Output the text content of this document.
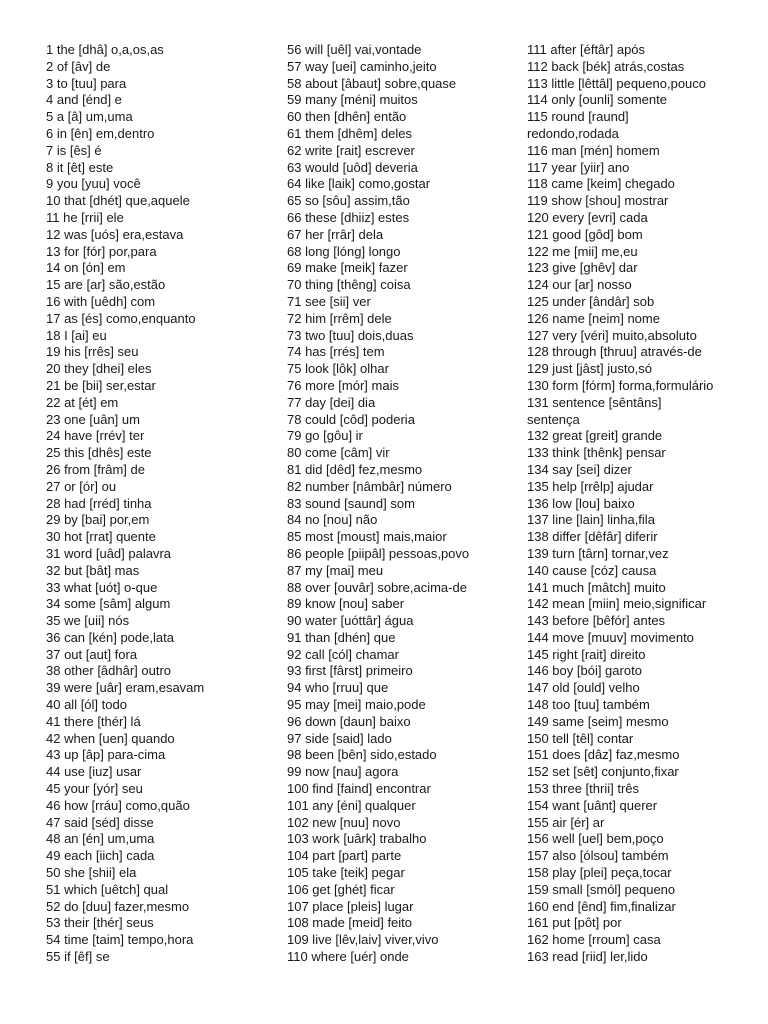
1 the [dhâ] o,a,os,as
2 of [âv] de
3 to [tuu] para
4 and [énd] e
5 a [â] um,uma
6 in [ên] em,dentro
7 is [ês] é
8 it [êt] este
9 you [yuu] você
10 that [dhét] que,aquele
11 he [rrii] ele
12 was [uós] era,estava
13 for [fór] por,para
14 on [ón] em
15 are [ar] são,estão
16 with [uêdh] com
17 as [és] como,enquanto
18 I [ai] eu
19 his [rrês] seu
20 they [dhei] eles
21 be [bii] ser,estar
22 at [ét] em
23 one [uân] um
24 have [rrév] ter
25 this [dhês] este
26 from [frâm] de
27 or [ór] ou
28 had [rréd] tinha
29 by [bai] por,em
30 hot [rrat] quente
31 word [uâd] palavra
32 but [bât] mas
33 what [uót] o-que
34 some [sâm] algum
35 we [uii] nós
36 can [kén] pode,lata
37 out [aut] fora
38 other [âdhâr] outro
39 were [uâr] eram,esavam
40 all [ól] todo
41 there [thér] lá
42 when [uen] quando
43 up [âp] para-cima
44 use [iuz] usar
45 your [yór] seu
46 how [rráu] como,quão
47 said [séd] disse
48 an [én] um,uma
49 each [iich] cada
50 she [shii] ela
51 which [uêtch] qual
52 do [duu] fazer,mesmo
53 their [thér] seus
54 time [taim] tempo,hora
55 if [êf] se
56 will [uêl] vai,vontade
57 way [uei] caminho,jeito
58 about [âbaut] sobre,quase
59 many [méni] muitos
60 then [dhên] então
61 them [dhêm] deles
62 write [rait] escrever
63 would [uôd] deveria
64 like [laik] como,gostar
65 so [sôu] assim,tão
66 these [dhiiz] estes
67 her [rrâr] dela
68 long [lóng] longo
69 make [meik] fazer
70 thing [thêng] coisa
71 see [sii] ver
72 him [rrêm] dele
73 two [tuu] dois,duas
74 has [rrés] tem
75 look [lôk] olhar
76 more [mór] mais
77 day [dei] dia
78 could [côd] poderia
79 go [gôu] ir
80 come [câm] vir
81 did [dêd] fez,mesmo
82 number [nâmbâr] número
83 sound [saund] som
84 no [nou] não
85 most [moust] mais,maior
86 people [piipâl] pessoas,povo
87 my [mai] meu
88 over [ouvâr] sobre,acima-de
89 know [nou] saber
90 water [uóttâr] água
91 than [dhén] que
92 call [cól] chamar
93 first [fârst] primeiro
94 who [rruu] que
95 may [mei] maio,pode
96 down [daun] baixo
97 side [said] lado
98 been [bên] sido,estado
99 now [nau] agora
100 find [faind] encontrar
101 any [éni] qualquer
102 new [nuu] novo
103 work [uârk] trabalho
104 part [part] parte
105 take [teik] pegar
106 get [ghét] ficar
107 place [pleis] lugar
108 made [meid] feito
109 live [lêv,laiv] viver,vivo
110 where [uér] onde
111 after [éftâr] após
112 back [bék] atrás,costas
113 little [lêttâl] pequeno,pouco
114 only [ounli] somente
115 round [raund]
redondo,rodada
116 man [mén] homem
117 year [yiir] ano
118 came [keim] chegado
119 show [shou] mostrar
120 every [evri] cada
121 good [gôd] bom
122 me [mii] me,eu
123 give [ghêv] dar
124 our [ar] nosso
125 under [ândâr] sob
126 name [neim] nome
127 very [véri] muito,absoluto
128 through [thruu] através-de
129 just [jâst] justo,só
130 form [fórm] forma,formulário
131 sentence [sêntâns]
sentença
132 great [greit] grande
133 think [thênk] pensar
134 say [sei] dizer
135 help [rrêlp] ajudar
136 low [lou] baixo
137 line [lain] linha,fila
138 differ [dêfâr] diferir
139 turn [târn] tornar,vez
140 cause [cóz] causa
141 much [mâtch] muito
142 mean [miin] meio,significar
143 before [bêfór] antes
144 move [muuv] movimento
145 right [rait] direito
146 boy [bói] garoto
147 old [ould] velho
148 too [tuu] também
149 same [seim] mesmo
150 tell [têl] contar
151 does [dâz] faz,mesmo
152 set [sêt] conjunto,fixar
153 three [thrii] três
154 want [uânt] querer
155 air [ér] ar
156 well [uel] bem,poço
157 also [ólsou] também
158 play [plei] peça,tocar
159 small [smól] pequeno
160 end [ênd] fim,finalizar
161 put [pôt] por
162 home [rroum] casa
163 read [riid] ler,lido
